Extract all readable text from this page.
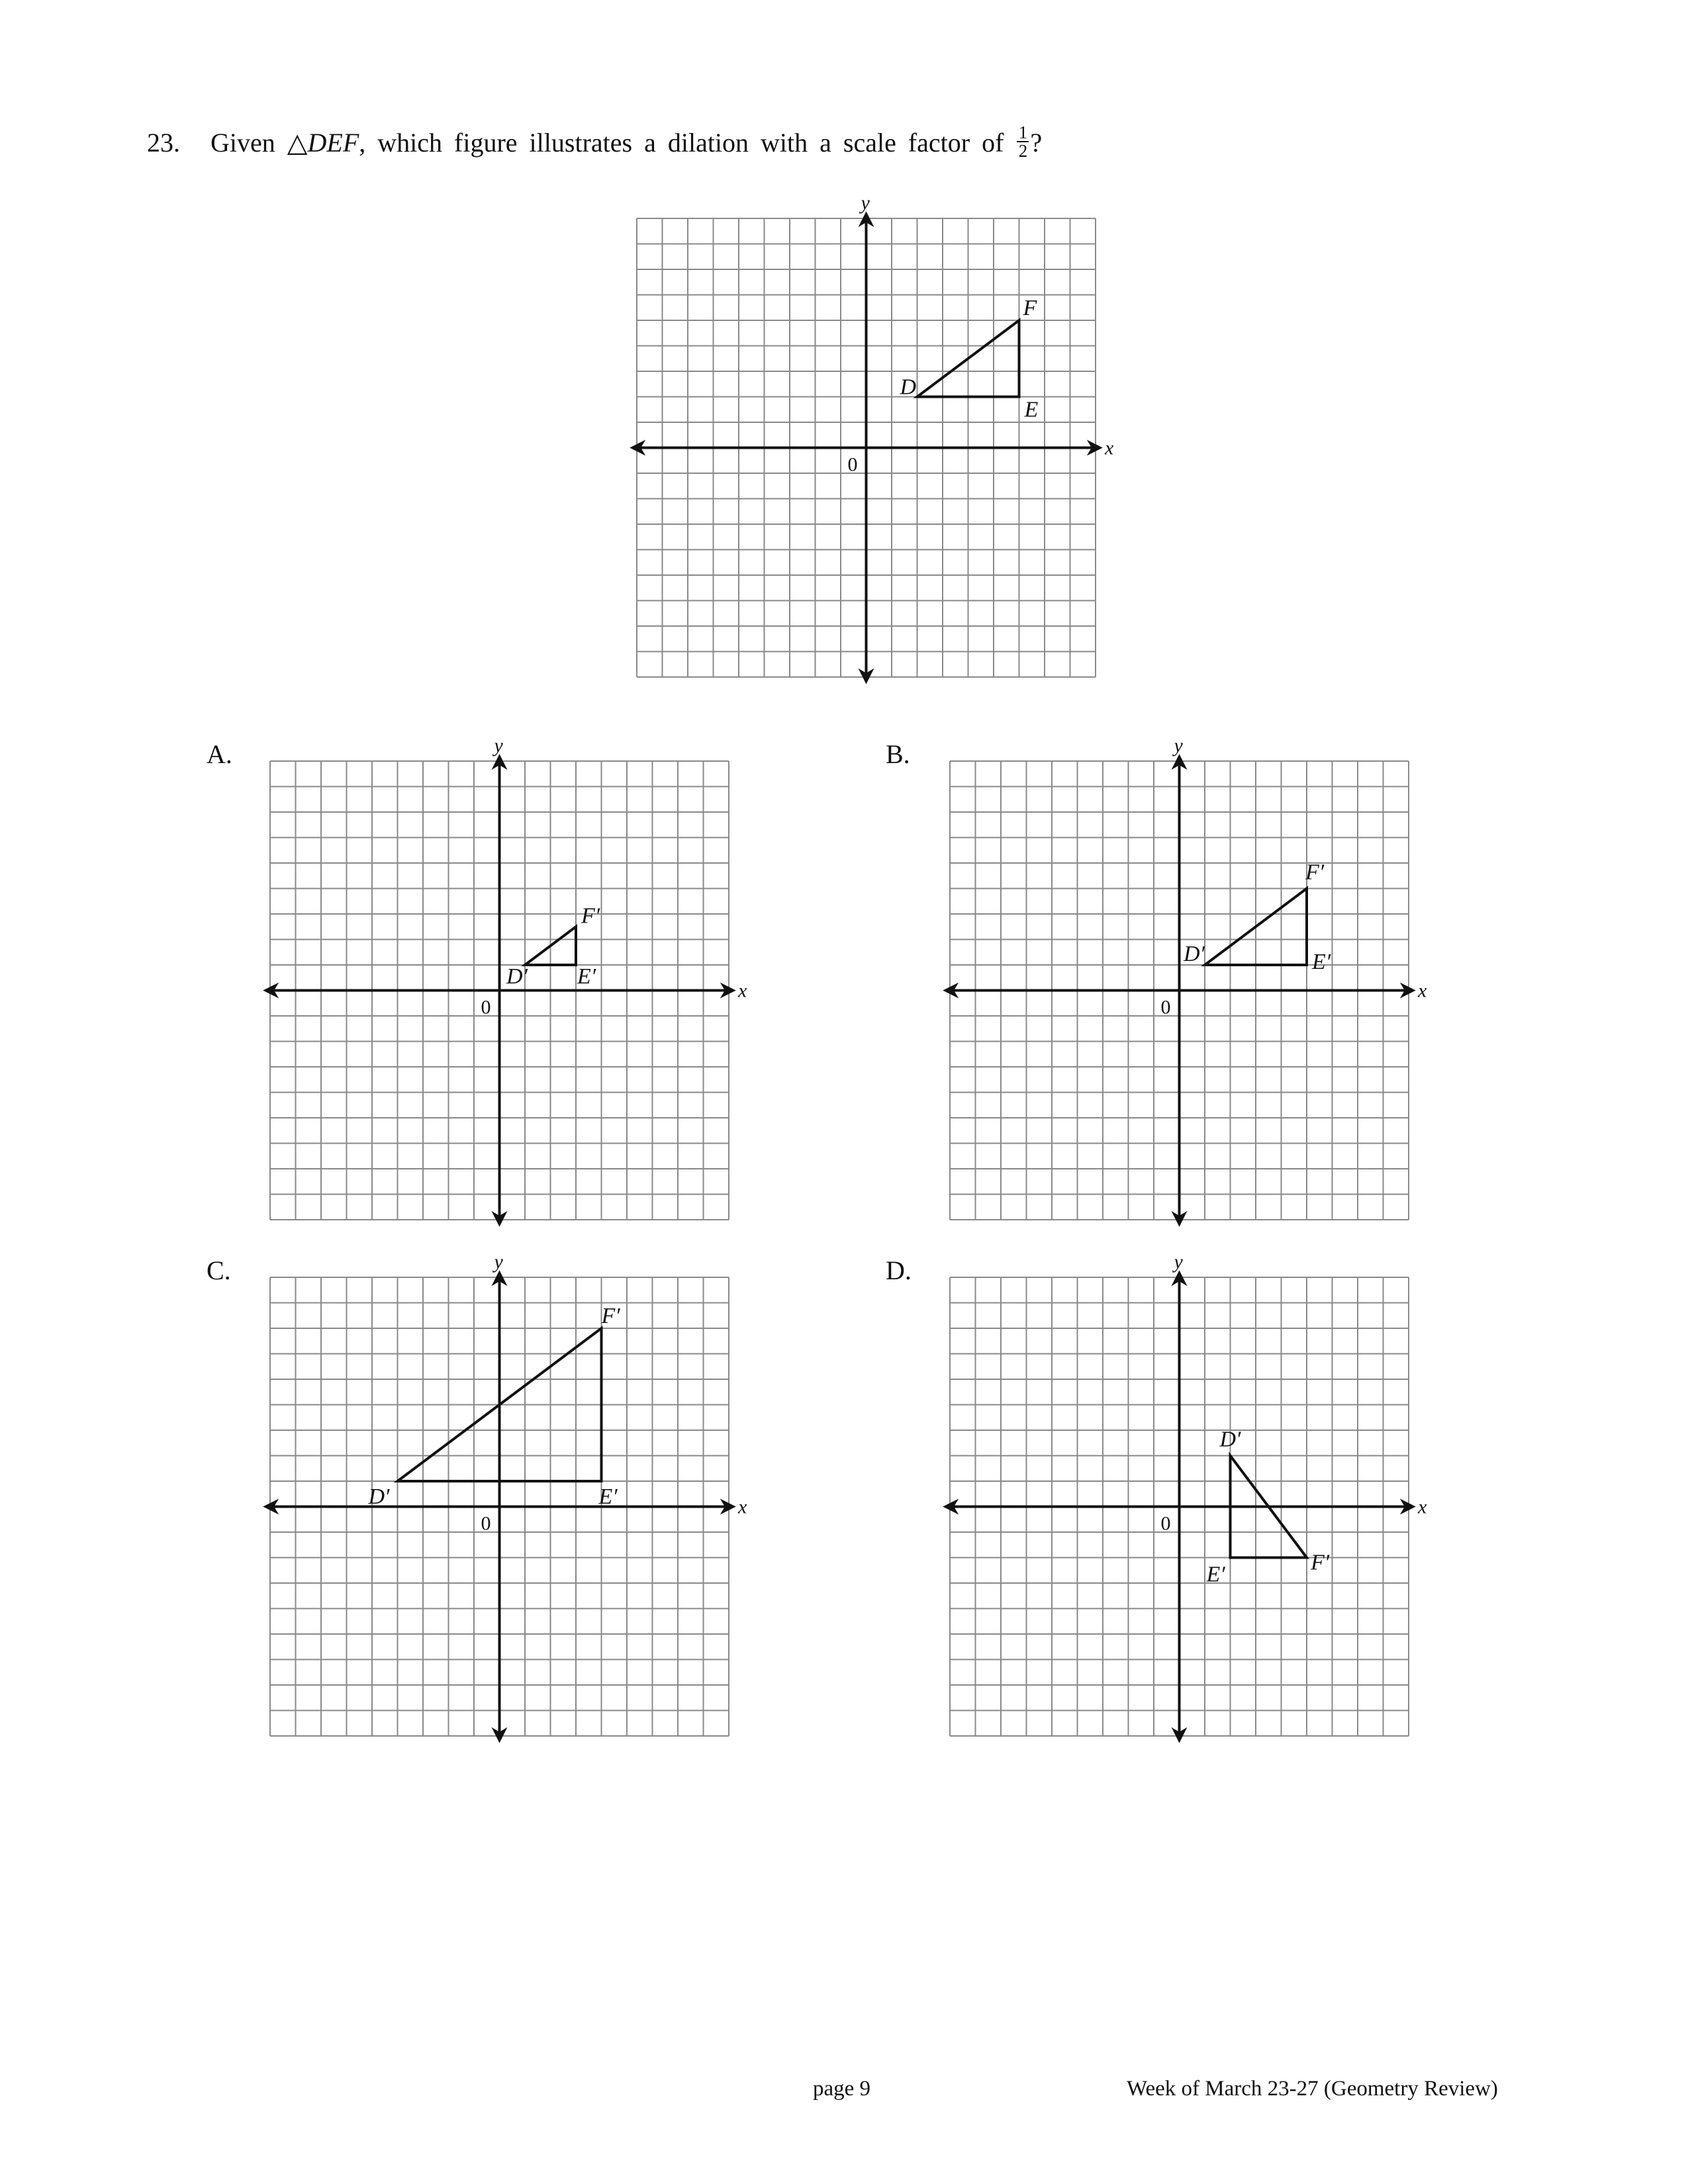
23. Given △DEF, which figure illustrates a dilation with a scale factor of $\frac{1}{2}$ ?
x
y
0
D
E
F
A.
x
y
0
D′ E′
F′
B.
x
y
0
D′	E′
F′
C.
x
y
0
D′	E′
F′
D.
x
y
0
D′
E′	F′
page 9	Week of March 23-27 (Geometry Review)
